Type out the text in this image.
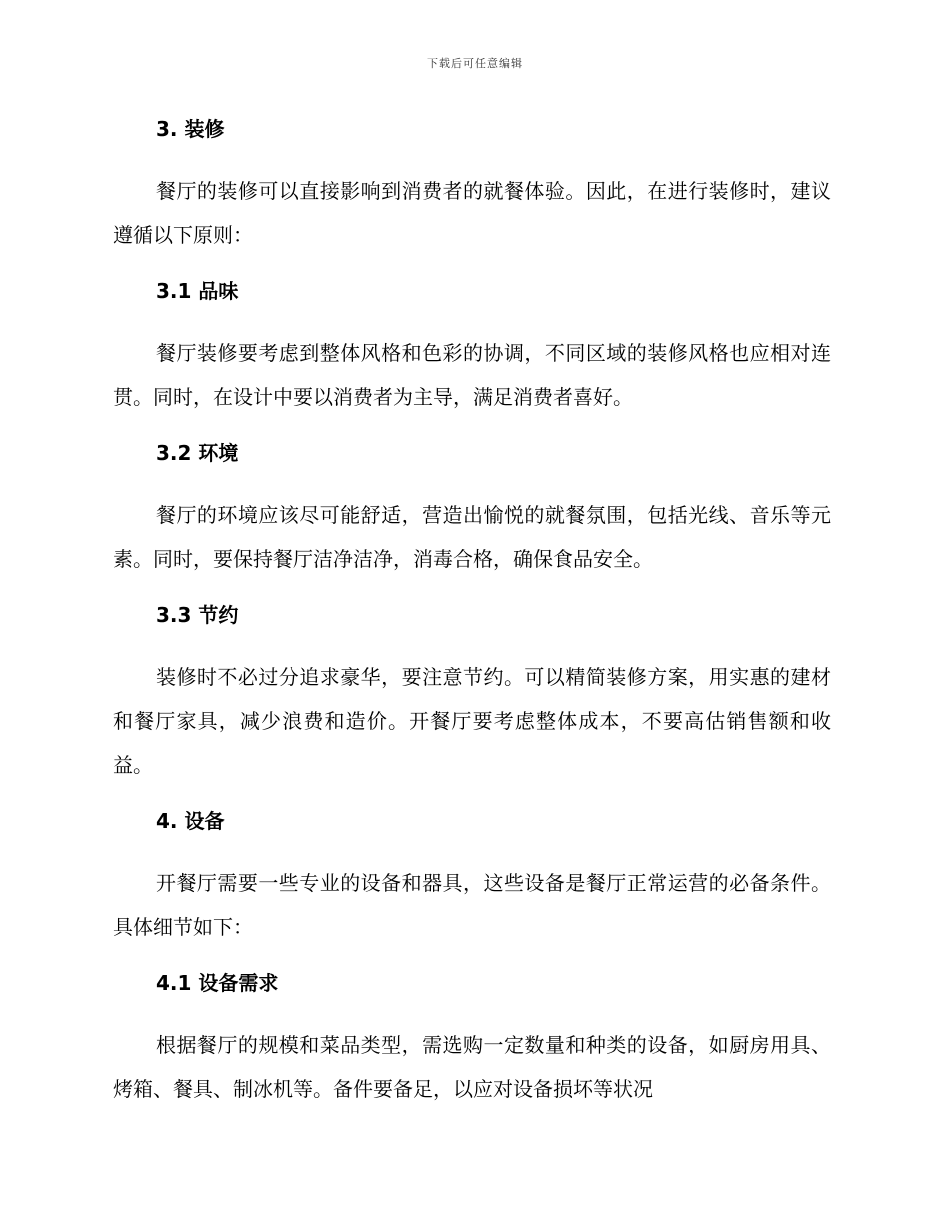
下载后可任意编辑
3. 装修

餐厅的装修可以直接影响到消费者的就餐体验。因此，在进行装修时，建议遵循以下原则：

3.1 品味

餐厅装修要考虑到整体风格和色彩的协调，不同区域的装修风格也应相对连贯。同时，在设计中要以消费者为主导，满足消费者喜好。

3.2 环境

餐厅的环境应该尽可能舒适，营造出愉悦的就餐氛围，包括光线、音乐等元素。同时，要保持餐厅洁净洁净，消毒合格，确保食品安全。

3.3 节约

装修时不必过分追求豪华，要注意节约。可以精简装修方案，用实惠的建材和餐厅家具，减少浪费和造价。开餐厅要考虑整体成本，不要高估销售额和收益。

4. 设备

开餐厅需要一些专业的设备和器具，这些设备是餐厅正常运营的必备条件。具体细节如下：

4.1 设备需求

根据餐厅的规模和菜品类型，需选购一定数量和种类的设备，如厨房用具、烤箱、餐具、制冰机等。备件要备足，以应对设备损坏等状况
